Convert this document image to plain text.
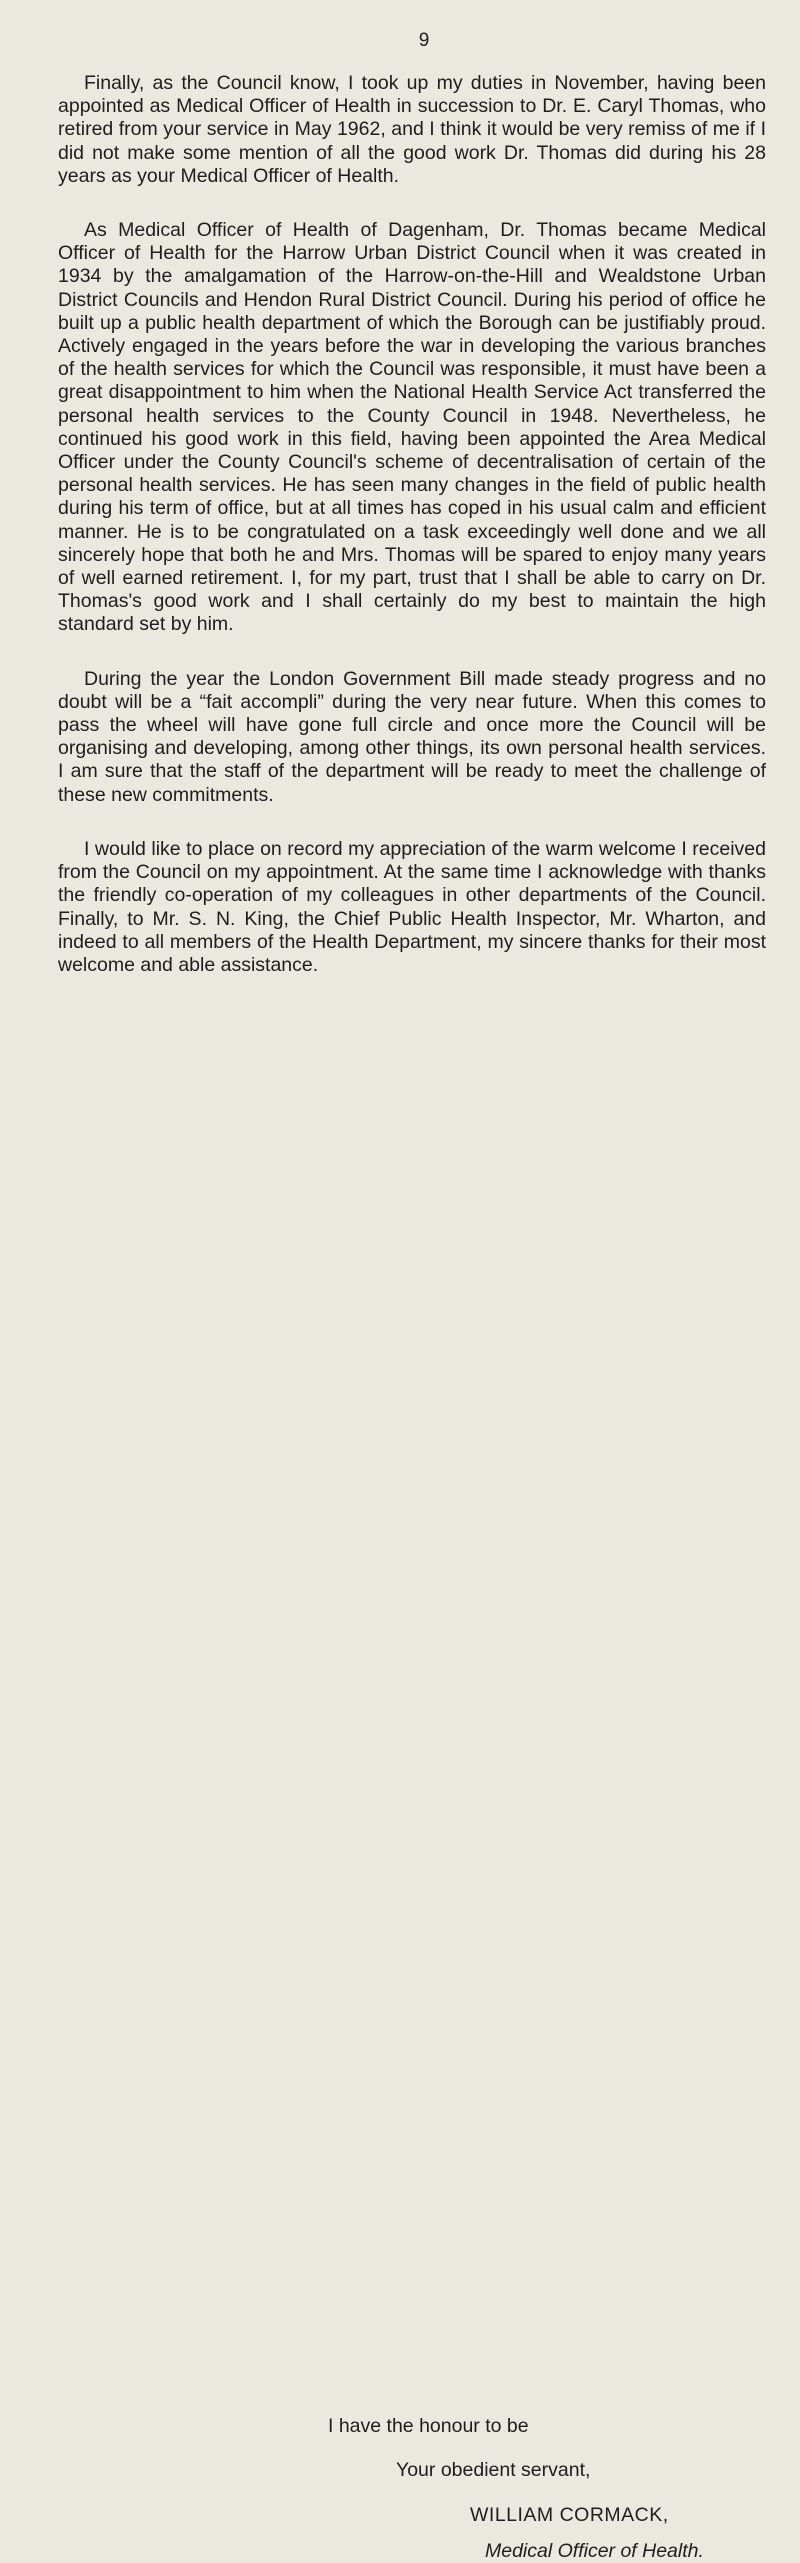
9

Finally, as the Council know, I took up my duties in November, having been appointed as Medical Officer of Health in succession to Dr. E. Caryl Thomas, who retired from your service in May 1962, and I think it would be very remiss of me if I did not make some mention of all the good work Dr. Thomas did during his 28 years as your Medical Officer of Health.

As Medical Officer of Health of Dagenham, Dr. Thomas became Medical Officer of Health for the Harrow Urban District Council when it was created in 1934 by the amalgamation of the Harrow-on-the-Hill and Wealdstone Urban District Councils and Hendon Rural District Council. During his period of office he built up a public health department of which the Borough can be justifiably proud. Actively engaged in the years before the war in developing the various branches of the health services for which the Council was responsible, it must have been a great disappointment to him when the National Health Service Act transferred the personal health services to the County Council in 1948. Nevertheless, he continued his good work in this field, having been appointed the Area Medical Officer under the County Council's scheme of decentralisation of certain of the personal health services. He has seen many changes in the field of public health during his term of office, but at all times has coped in his usual calm and efficient manner. He is to be congratulated on a task exceedingly well done and we all sincerely hope that both he and Mrs. Thomas will be spared to enjoy many years of well earned retirement. I, for my part, trust that I shall be able to carry on Dr. Thomas's good work and I shall certainly do my best to maintain the high standard set by him.

During the year the London Government Bill made steady progress and no doubt will be a “fait accompli” during the very near future. When this comes to pass the wheel will have gone full circle and once more the Council will be organising and developing, among other things, its own personal health services. I am sure that the staff of the department will be ready to meet the challenge of these new commitments.

I would like to place on record my appreciation of the warm welcome I received from the Council on my appointment. At the same time I acknowledge with thanks the friendly co-operation of my colleagues in other departments of the Council. Finally, to Mr. S. N. King, the Chief Public Health Inspector, Mr. Wharton, and indeed to all members of the Health Department, my sincere thanks for their most welcome and able assistance.

I have the honour to be
Your obedient servant,
WILLIAM CORMACK,
Medical Officer of Health.
